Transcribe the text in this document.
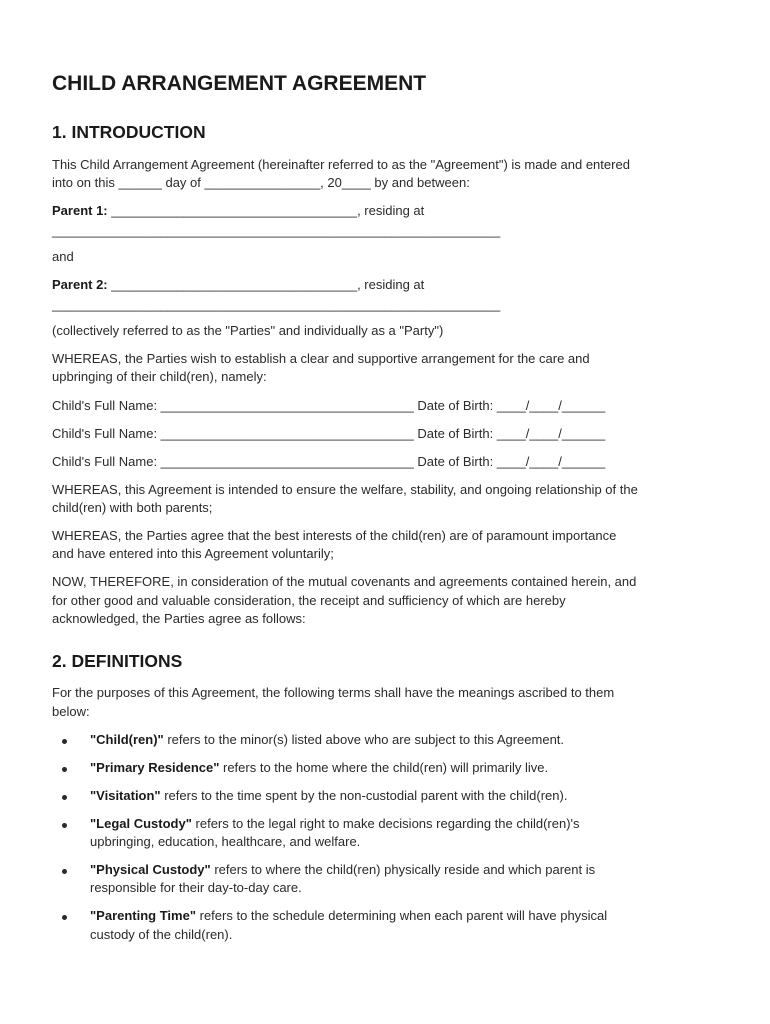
CHILD ARRANGEMENT AGREEMENT
1. INTRODUCTION

This Child Arrangement Agreement (hereinafter referred to as the "Agreement") is made and entered

into on this ______ day of ________________, 20____ by and between:

Parent 1: __________________________________, residing at

______________________________________________________________

and

Parent 2: __________________________________, residing at

______________________________________________________________

(collectively referred to as the "Parties" and individually as a "Party")

WHEREAS, the Parties wish to establish a clear and supportive arrangement for the care and

upbringing of their child(ren), namely:

Child's Full Name: ___________________________________ Date of Birth: ____/____/______

Child's Full Name: ___________________________________ Date of Birth: ____/____/______

Child's Full Name: ___________________________________ Date of Birth: ____/____/______

WHEREAS, this Agreement is intended to ensure the welfare, stability, and ongoing relationship of the

child(ren) with both parents;

WHEREAS, the Parties agree that the best interests of the child(ren) are of paramount importance

and have entered into this Agreement voluntarily;

NOW, THEREFORE, in consideration of the mutual covenants and agreements contained herein, and

for other good and valuable consideration, the receipt and sufficiency of which are hereby

acknowledged, the Parties agree as follows:

2. DEFINITIONS

For the purposes of this Agreement, the following terms shall have the meanings ascribed to them

below:

"Child(ren)" refers to the minor(s) listed above who are subject to this Agreement.

"Primary Residence" refers to the home where the child(ren) will primarily live.

"Visitation" refers to the time spent by the non-custodial parent with the child(ren).

"Legal Custody" refers to the legal right to make decisions regarding the child(ren)'s

upbringing, education, healthcare, and welfare.

"Physical Custody" refers to where the child(ren) physically reside and which parent is

responsible for their day-to-day care.

"Parenting Time" refers to the schedule determining when each parent will have physical

custody of the child(ren).
